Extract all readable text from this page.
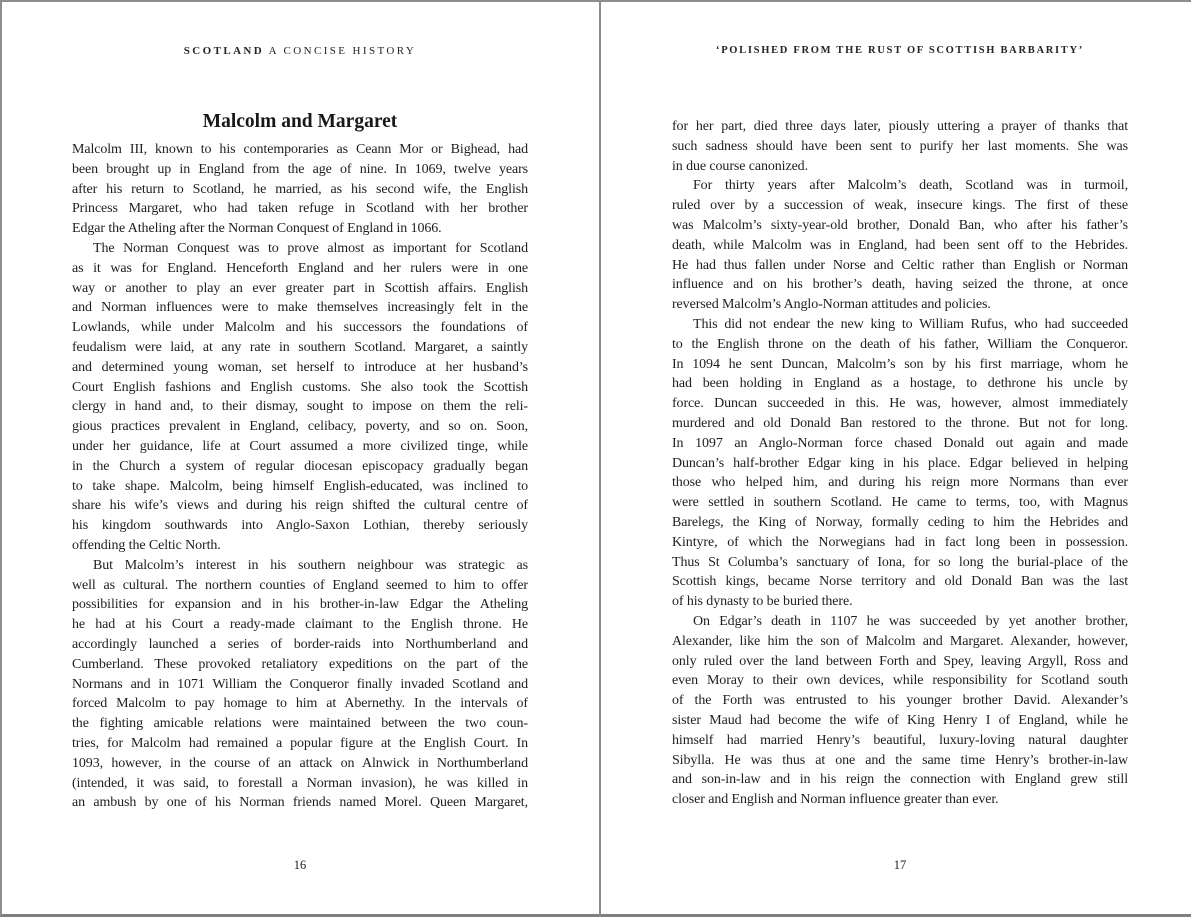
SCOTLAND A CONCISE HISTORY
Malcolm and Margaret
Malcolm III, known to his contemporaries as Ceann Mor or Bighead, had
been brought up in England from the age of nine. In 1069, twelve years
after his return to Scotland, he married, as his second wife, the English
Princess Margaret, who had taken refuge in Scotland with her brother
Edgar the Atheling after the Norman Conquest of England in 1066.
The Norman Conquest was to prove almost as important for Scotland
as it was for England. Henceforth England and her rulers were in one
way or another to play an ever greater part in Scottish affairs. English
and Norman influences were to make themselves increasingly felt in the
Lowlands, while under Malcolm and his successors the foundations of
feudalism were laid, at any rate in southern Scotland. Margaret, a saintly
and determined young woman, set herself to introduce at her husband’s
Court English fashions and English customs. She also took the Scottish
clergy in hand and, to their dismay, sought to impose on them the reli-
gious practices prevalent in England, celibacy, poverty, and so on. Soon,
under her guidance, life at Court assumed a more civilized tinge, while
in the Church a system of regular diocesan episcopacy gradually began
to take shape. Malcolm, being himself English-educated, was inclined to
share his wife’s views and during his reign shifted the cultural centre of
his kingdom southwards into Anglo-Saxon Lothian, thereby seriously
offending the Celtic North.
But Malcolm’s interest in his southern neighbour was strategic as
well as cultural. The northern counties of England seemed to him to offer
possibilities for expansion and in his brother-in-law Edgar the Atheling
he had at his Court a ready-made claimant to the English throne. He
accordingly launched a series of border-raids into Northumberland and
Cumberland. These provoked retaliatory expeditions on the part of the
Normans and in 1071 William the Conqueror finally invaded Scotland and
forced Malcolm to pay homage to him at Abernethy. In the intervals of
the fighting amicable relations were maintained between the two coun-
tries, for Malcolm had remained a popular figure at the English Court. In
1093, however, in the course of an attack on Alnwick in Northumberland
(intended, it was said, to forestall a Norman invasion), he was killed in
an ambush by one of his Norman friends named Morel. Queen Margaret,
16
‘POLISHED FROM THE RUST OF SCOTTISH BARBARITY’
for her part, died three days later, piously uttering a prayer of thanks that
such sadness should have been sent to purify her last moments. She was
in due course canonized.
For thirty years after Malcolm’s death, Scotland was in turmoil,
ruled over by a succession of weak, insecure kings. The first of these
was Malcolm’s sixty-year-old brother, Donald Ban, who after his father’s
death, while Malcolm was in England, had been sent off to the Hebrides.
He had thus fallen under Norse and Celtic rather than English or Norman
influence and on his brother’s death, having seized the throne, at once
reversed Malcolm’s Anglo-Norman attitudes and policies.
This did not endear the new king to William Rufus, who had succeeded
to the English throne on the death of his father, William the Conqueror.
In 1094 he sent Duncan, Malcolm’s son by his first marriage, whom he
had been holding in England as a hostage, to dethrone his uncle by
force. Duncan succeeded in this. He was, however, almost immediately
murdered and old Donald Ban restored to the throne. But not for long.
In 1097 an Anglo-Norman force chased Donald out again and made
Duncan’s half-brother Edgar king in his place. Edgar believed in helping
those who helped him, and during his reign more Normans than ever
were settled in southern Scotland. He came to terms, too, with Magnus
Barelegs, the King of Norway, formally ceding to him the Hebrides and
Kintyre, of which the Norwegians had in fact long been in possession.
Thus St Columba’s sanctuary of Iona, for so long the burial-place of the
Scottish kings, became Norse territory and old Donald Ban was the last
of his dynasty to be buried there.
On Edgar’s death in 1107 he was succeeded by yet another brother,
Alexander, like him the son of Malcolm and Margaret. Alexander, however,
only ruled over the land between Forth and Spey, leaving Argyll, Ross and
even Moray to their own devices, while responsibility for Scotland south
of the Forth was entrusted to his younger brother David. Alexander’s
sister Maud had become the wife of King Henry I of England, while he
himself had married Henry’s beautiful, luxury-loving natural daughter
Sibylla. He was thus at one and the same time Henry’s brother-in-law
and son-in-law and in his reign the connection with England grew still
closer and English and Norman influence greater than ever.
17
